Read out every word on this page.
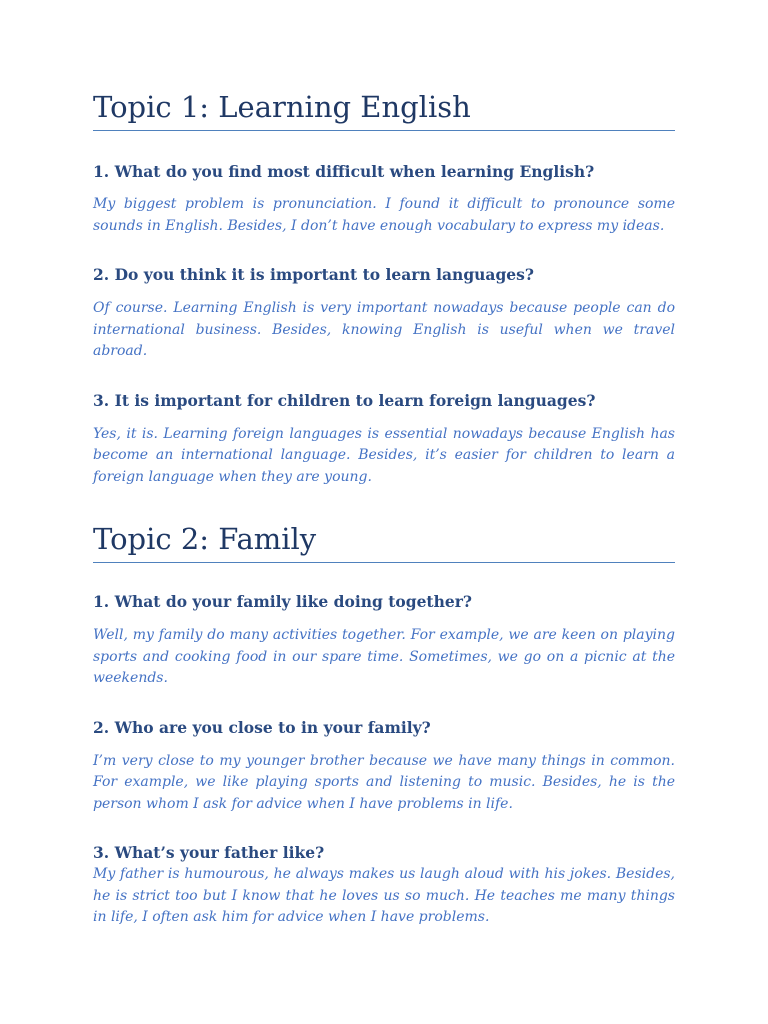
Topic 1: Learning English

1. What do you find most difficult when learning English?

My biggest problem is pronunciation. I found it difficult to pronounce some sounds in English. Besides, I don’t have enough vocabulary to express my ideas.

2. Do you think it is important to learn languages?

Of course. Learning English is very important nowadays because people can do international business. Besides, knowing English is useful when we travel abroad.

3. It is important for children to learn foreign languages?

Yes, it is. Learning foreign languages is essential nowadays because English has become an international language. Besides, it’s easier for children to learn a foreign language when they are young.

Topic 2: Family

1. What do your family like doing together?

Well, my family do many activities together. For example, we are keen on playing sports and cooking food in our spare time. Sometimes, we go on a picnic at the weekends.

2. Who are you close to in your family?

I’m very close to my younger brother because we have many things in common. For example, we like playing sports and listening to music. Besides, he is the person whom I ask for advice when I have problems in life.

3. What’s your father like?

My father is humourous, he always makes us laugh aloud with his jokes. Besides, he is strict too but I know that he loves us so much. He teaches me many things in life, I often ask him for advice when I have problems.
